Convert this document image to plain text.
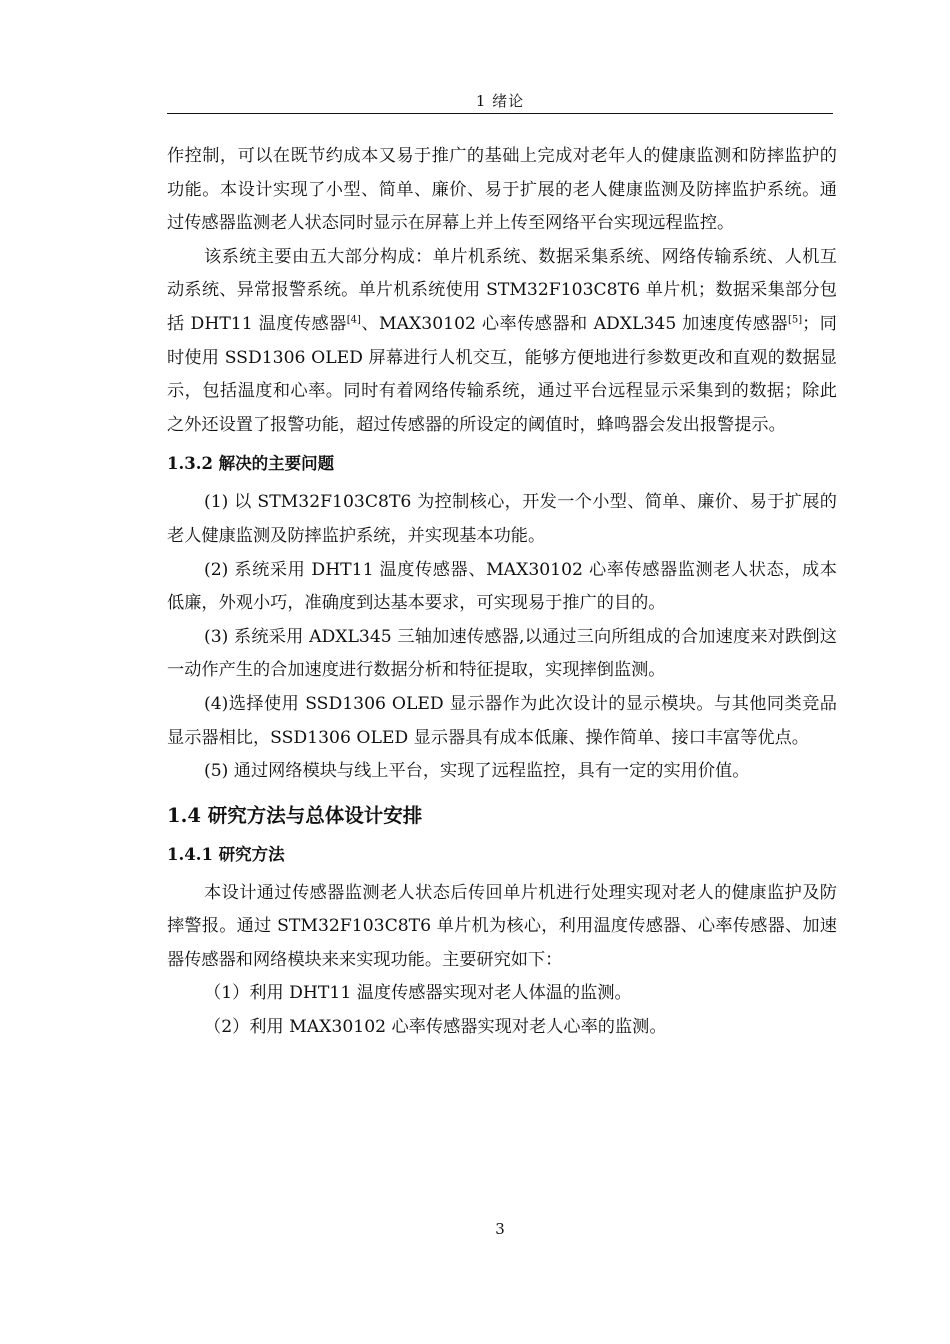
1 绪论

作控制，可以在既节约成本又易于推广的基础上完成对老年人的健康监测和防摔监护的功能。本设计实现了小型、简单、廉价、易于扩展的老人健康监测及防摔监护系统。通过传感器监测老人状态同时显示在屏幕上并上传至网络平台实现远程监控。

该系统主要由五大部分构成：单片机系统、数据采集系统、网络传输系统、人机互动系统、异常报警系统。单片机系统使用 STM32F103C8T6 单片机；数据采集部分包括 DHT11 温度传感器[4]、MAX30102 心率传感器和 ADXL345 加速度传感器[5]；同时使用 SSD1306 OLED 屏幕进行人机交互，能够方便地进行参数更改和直观的数据显示，包括温度和心率。同时有着网络传输系统，通过平台远程显示采集到的数据；除此之外还设置了报警功能，超过传感器的所设定的阈值时，蜂鸣器会发出报警提示。

1.3.2 解决的主要问题

(1) 以 STM32F103C8T6 为控制核心，开发一个小型、简单、廉价、易于扩展的老人健康监测及防摔监护系统，并实现基本功能。

(2) 系统采用 DHT11 温度传感器、MAX30102 心率传感器监测老人状态，成本低廉，外观小巧，准确度到达基本要求，可实现易于推广的目的。

(3) 系统采用 ADXL345 三轴加速传感器,以通过三向所组成的合加速度来对跌倒这一动作产生的合加速度进行数据分析和特征提取，实现摔倒监测。

(4)选择使用 SSD1306 OLED 显示器作为此次设计的显示模块。与其他同类竞品显示器相比，SSD1306 OLED 显示器具有成本低廉、操作简单、接口丰富等优点。

(5) 通过网络模块与线上平台，实现了远程监控，具有一定的实用价值。

1.4 研究方法与总体设计安排
1.4.1 研究方法

本设计通过传感器监测老人状态后传回单片机进行处理实现对老人的健康监护及防摔警报。通过 STM32F103C8T6 单片机为核心，利用温度传感器、心率传感器、加速器传感器和网络模块来来实现功能。主要研究如下：

（1）利用 DHT11 温度传感器实现对老人体温的监测。

（2）利用 MAX30102 心率传感器实现对老人心率的监测。

3
